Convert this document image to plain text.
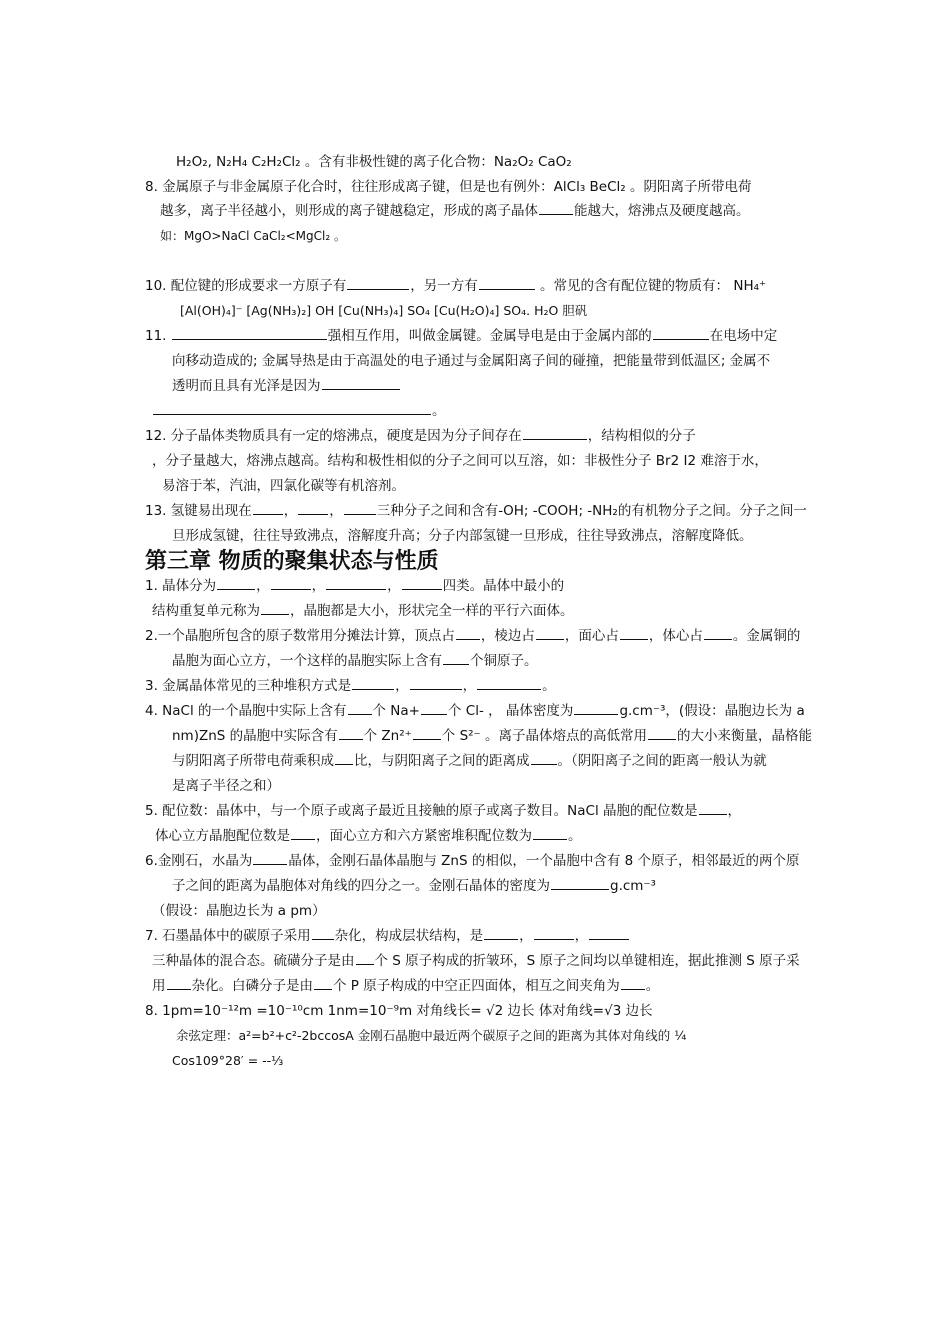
H₂O₂, N₂H₄ C₂H₂Cl₂ 。含有非极性键的离子化合物：Na₂O₂ CaO₂
8. 金属原子与非金属原子化合时，往往形成离子键，但是也有例外：AlCl₃ BeCl₂ 。阴阳离子所带电荷
越多，离子半径越小，则形成的离子键越稳定，形成的离子晶体	能越大，熔沸点及硬度越高。
如：MgO>NaCl CaCl₂<MgCl₂ 。
10. 配位键的形成要求一方原子有	，另一方有	。常见的含有配位键的物质有： NH₄⁺
[Al(OH)₄]⁻ [Ag(NH₃)₂] OH [Cu(NH₃)₄] SO₄ [Cu(H₂O)₄] SO₄. H₂O 胆矾
11.	强相互作用，叫做金属键。金属导电是由于金属内部的	在电场中定
向移动造成的; 金属导热是由于高温处的电子通过与金属阳离子间的碰撞，把能量带到低温区; 金属不
透明而且具有光泽是因为
。
12. 分子晶体类物质具有一定的熔沸点，硬度是因为分子间存在	，结构相似的分子
，分子量越大，熔沸点越高。结构和极性相似的分子之间可以互溶，如：非极性分子 Br2 I2 难溶于水，
易溶于苯，汽油，四氯化碳等有机溶剂。
13. 氢键易出现在 ， ，	三种分子之间和含有-OH; -COOH; -NH₂的有机物分子之间。分子之间一
旦形成氢键，往往导致沸点，溶解度升高；分子内部氢键一旦形成，往往导致沸点，溶解度降低。
第三章 物质的聚集状态与性质
1. 晶体分为	，	，	，	四类。晶体中最小的
结构重复单元称为 ，晶胞都是大小，形状完全一样的平行六面体。
2.一个晶胞所包含的原子数常用分摊法计算，顶点占 ，棱边占 ，面心占 ，体心占 。金属铜的
晶胞为面心立方，一个这样的晶胞实际上含有 个铜原子。
3. 金属晶体常见的三种堆积方式是	，	，	。
4. NaCl 的一个晶胞中实际上含有 个 Na+ 个 Cl- ， 晶体密度为	g.cm⁻³，(假设：晶胞边长为 a
nm)ZnS 的晶胞中实际含有 个 Zn²⁺ 个 S²⁻ 。离子晶体熔点的高低常用 的大小来衡量，晶格能
与阴阳离子所带电荷乘积成 比，与阴阳离子之间的距离成 。（阴阳离子之间的距离一般认为就
是离子半径之和）
5. 配位数：晶体中，与一个原子或离子最近且接触的原子或离子数目。NaCl 晶胞的配位数是 ，
体心立方晶胞配位数是 ，面心立方和六方紧密堆积配位数为	。
6.金刚石，水晶为	晶体，金刚石晶体晶胞与 ZnS 的相似，一个晶胞中含有 8 个原子，相邻最近的两个原
子之间的距离为晶胞体对角线的四分之一。金刚石晶体的密度为	g.cm⁻³
（假设：晶胞边长为 a pm）
7. 石墨晶体中的碳原子采用 杂化，构成层状结构，是	，	，
三种晶体的混合态。硫磺分子是由 个 S 原子构成的折皱环，S 原子之间均以单键相连，据此推测 S 原子采
用 杂化。白磷分子是由 个 P 原子构成的中空正四面体，相互之间夹角为 。
8. 1pm=10⁻¹²m =10⁻¹⁰cm 1nm=10⁻⁹m 对角线长= √2 边长 体对角线=√3 边长
余弦定理：a²=b²+c²-2bccosA 金刚石晶胞中最近两个碳原子之间的距离为其体对角线的 ¼
Cos109°28′ = --⅓
